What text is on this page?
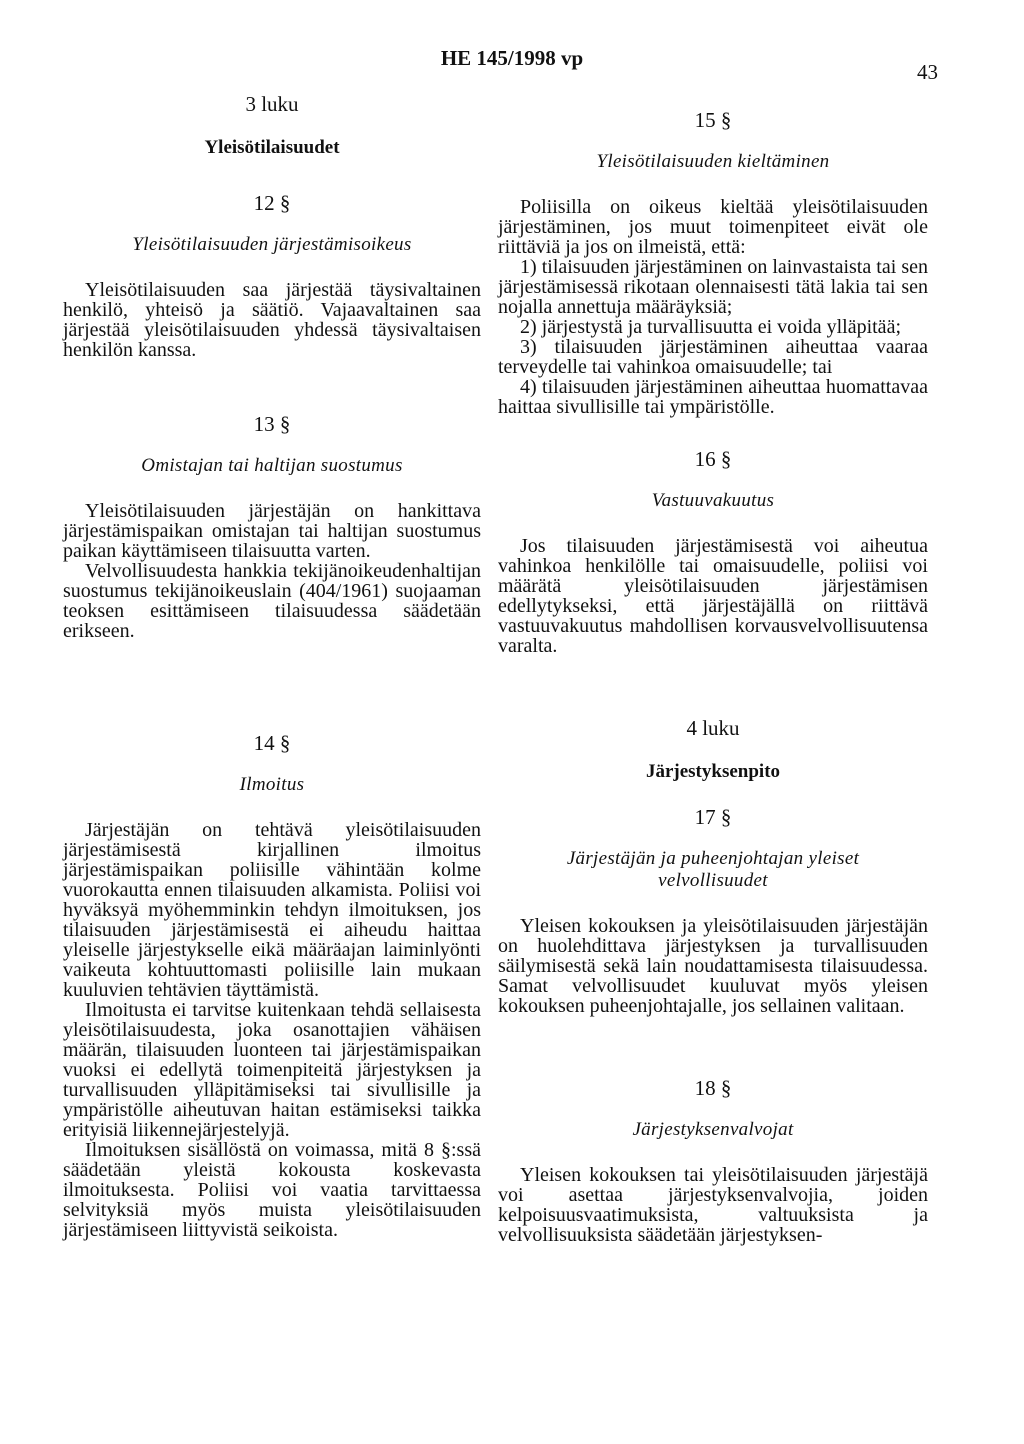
HE 145/1998 vp
43
3 luku
Yleisötilaisuudet
12 §
Yleisötilaisuuden järjestämisoikeus

Yleisötilaisuuden saa järjestää täysivaltainen henkilö, yhteisö ja säätiö. Vajaavaltainen saa järjestää yleisötilaisuuden yhdessä täysivaltaisen henkilön kanssa.

13 §
Omistajan tai haltijan suostumus

Yleisötilaisuuden järjestäjän on hankittava järjestämispaikan omistajan tai haltijan suostumus paikan käyttämiseen tilaisuutta varten.

Velvollisuudesta hankkia tekijänoikeudenhaltijan suostumus tekijänoikeuslain (404/1961) suojaaman teoksen esittämiseen tilaisuudessa säädetään erikseen.

14 §
Ilmoitus

Järjestäjän on tehtävä yleisötilaisuuden järjestämisestä kirjallinen ilmoitus järjestämispaikan poliisille vähintään kolme vuorokautta ennen tilaisuuden alkamista. Poliisi voi hyväksyä myöhemminkin tehdyn ilmoituksen, jos tilaisuuden järjestämisestä ei aiheudu haittaa yleiselle järjestykselle eikä määräajan laiminlyönti vaikeuta kohtuuttomasti poliisille lain mukaan kuuluvien tehtävien täyttämistä.

Ilmoitusta ei tarvitse kuitenkaan tehdä sellaisesta yleisötilaisuudesta, joka osanottajien vähäisen määrän, tilaisuuden luonteen tai järjestämispaikan vuoksi ei edellytä toimenpiteitä järjestyksen ja turvallisuuden ylläpitämiseksi tai sivullisille ja ympäristölle aiheutuvan haitan estämiseksi taikka erityisiä liikennejärjestelyjä.

Ilmoituksen sisällöstä on voimassa, mitä 8 §:ssä säädetään yleistä kokousta koskevasta ilmoituksesta. Poliisi voi vaatia tarvittaessa selvityksiä myös muista yleisötilaisuuden järjestämiseen liittyvistä seikoista.

15 §
Yleisötilaisuuden kieltäminen

Poliisilla on oikeus kieltää yleisötilaisuuden järjestäminen, jos muut toimenpiteet eivät ole riittäviä ja jos on ilmeistä, että:

1) tilaisuuden järjestäminen on lainvastaista tai sen järjestämisessä rikotaan olennaisesti tätä lakia tai sen nojalla annettuja määräyksiä;

2) järjestystä ja turvallisuutta ei voida ylläpitää;

3) tilaisuuden järjestäminen aiheuttaa vaaraa terveydelle tai vahinkoa omaisuudelle; tai

4) tilaisuuden järjestäminen aiheuttaa huomattavaa haittaa sivullisille tai ympäristölle.

16 §
Vastuuvakuutus

Jos tilaisuuden järjestämisestä voi aiheutua vahinkoa henkilölle tai omaisuudelle, poliisi voi määrätä yleisötilaisuuden järjestämisen edellytykseksi, että järjestäjällä on riittävä vastuuvakuutus mahdollisen korvausvelvollisuutensa varalta.

4 luku
Järjestyksenpito
17 §
Järjestäjän ja puheenjohtajan yleiset velvollisuudet

Yleisen kokouksen ja yleisötilaisuuden järjestäjän on huolehdittava järjestyksen ja turvallisuuden säilymisestä sekä lain noudattamisesta tilaisuudessa. Samat velvollisuudet kuuluvat myös yleisen kokouksen puheenjohtajalle, jos sellainen valitaan.

18 §
Järjestyksenvalvojat

Yleisen kokouksen tai yleisötilaisuuden järjestäjä voi asettaa järjestyksenvalvojia, joiden kelpoisuusvaatimuksista, valtuuksista ja velvollisuuksista säädetään järjestyksen-
